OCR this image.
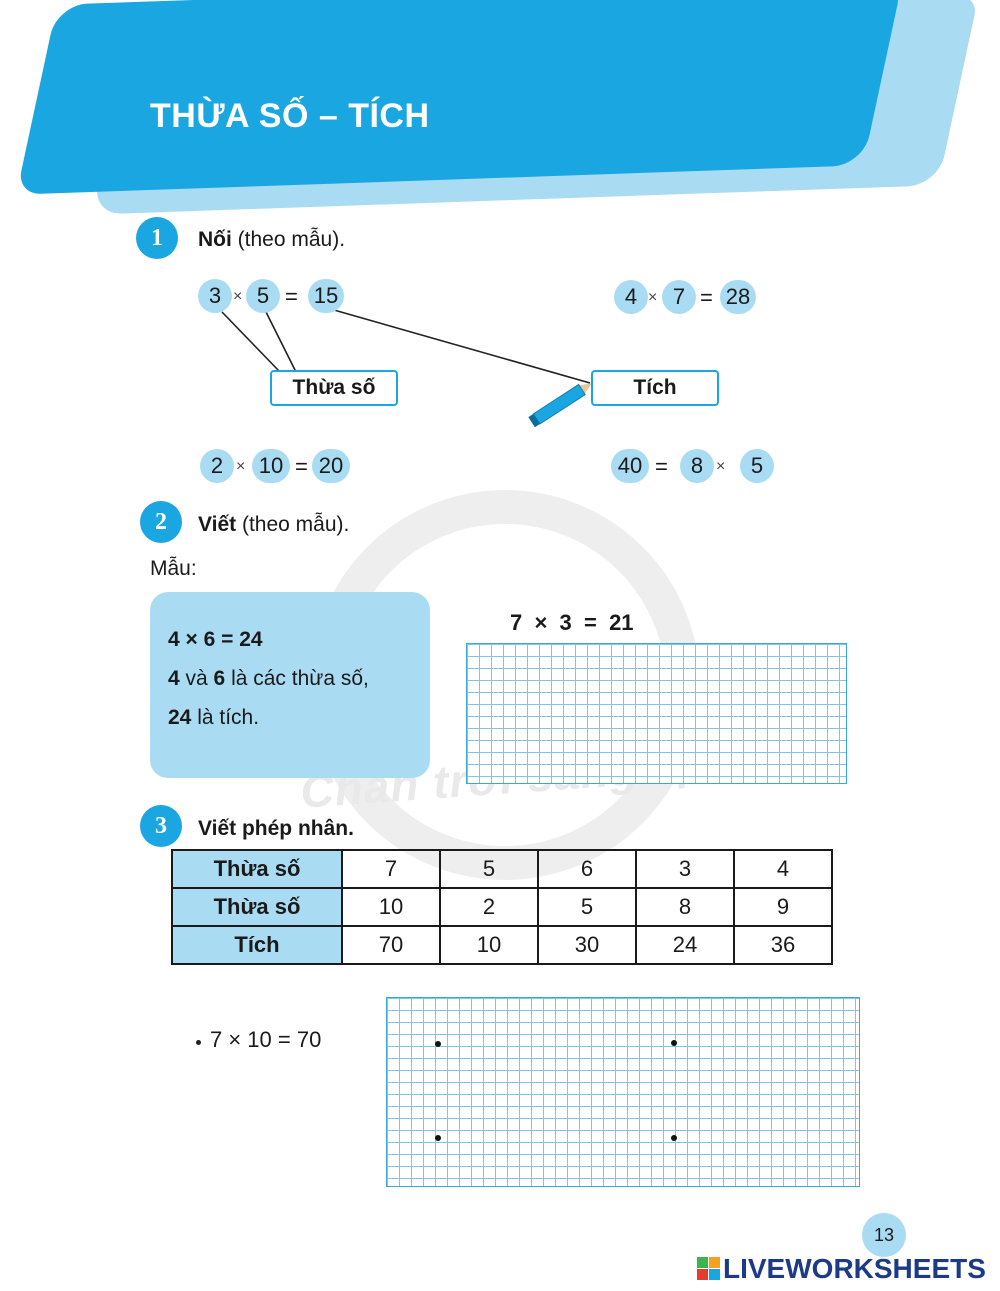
THỪA SỐ – TÍCH
Chân
1	Nối (theo mẫu).
3 × 5 = 15	4 × 7 = 28
Thừa số	Tích
2 × 10 = 20	40 =	8 ×	5
2	Viết (theo mẫu).
Mẫu:
4 × 6 = 24
4 và 6 là các thừa số,
24 là tích.
7  ×  3  =  21
3	Viết phép nhân.
Thừa số	7	5	6	3	4
Thừa số	10	2	5	8	9
Tích	70	10	30	24	36
7 × 10 = 70
13
LIVEWORKSHEETS
